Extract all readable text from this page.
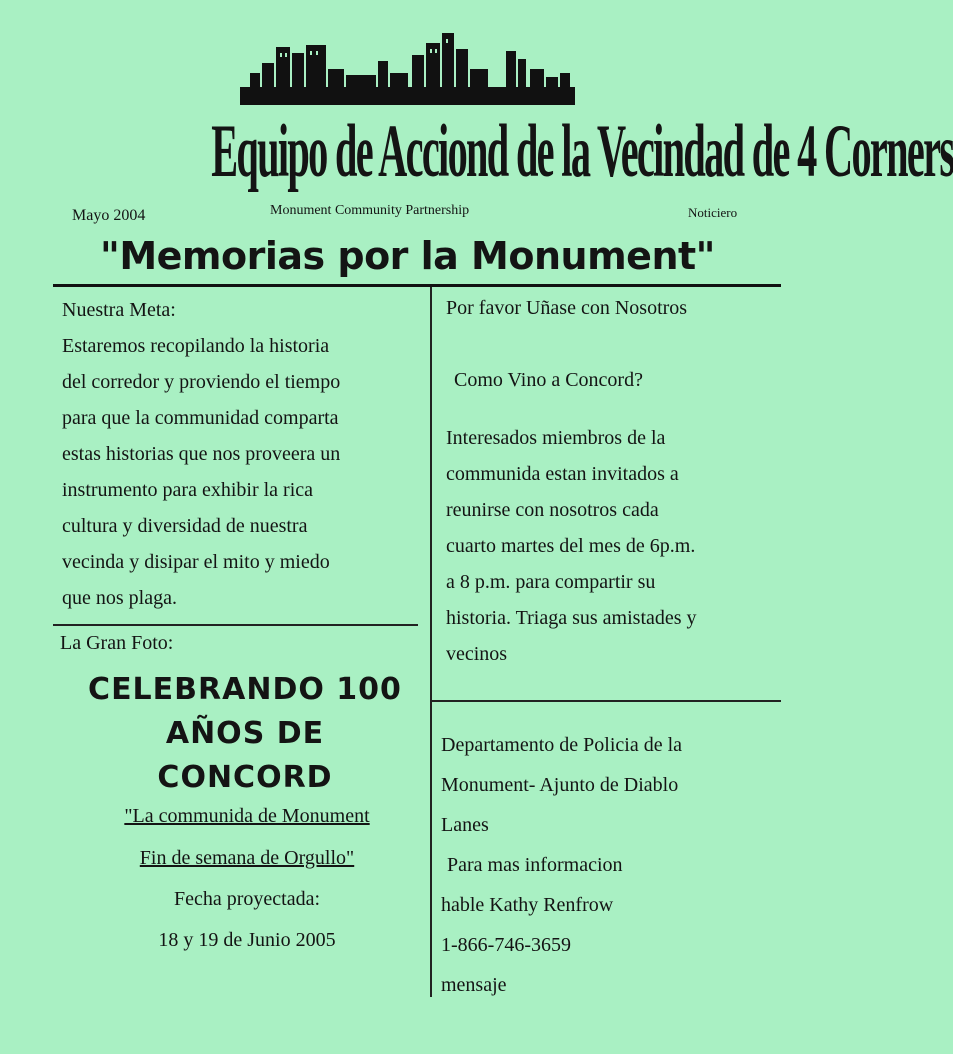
Equipo de Acciond de la Vecindad de 4 Corners
Mayo 2004	Monument Community Partnership	Noticiero
"Memorias por la Monument"

Nuestra Meta:

Estaremos recopilando la historia

del corredor y proviendo el tiempo

para que la communidad comparta

estas historias que nos proveera un

instrumento para exhibir la rica

cultura y diversidad de nuestra

vecinda y disipar el mito y miedo

que nos plaga.

La Gran Foto:
CELEBRANDO 100
AÑOS DE
CONCORD
"La communida de Monument
Fin de semana de Orgullo"
Fecha proyectada:
18 y 19 de Junio 2005
Por favor Uñase con Nosotros
Como Vino a Concord?
Interesados miembros de la
communida estan invitados a
reunirse con nosotros cada
cuarto martes del mes de 6p.m.
a 8 p.m. para compartir su
historia. Triaga sus amistades y
vecinos
Departamento de Policia de la
Monument- Ajunto de Diablo
Lanes
Para mas informacion
hable Kathy Renfrow
1-866-746-3659
mensaje
